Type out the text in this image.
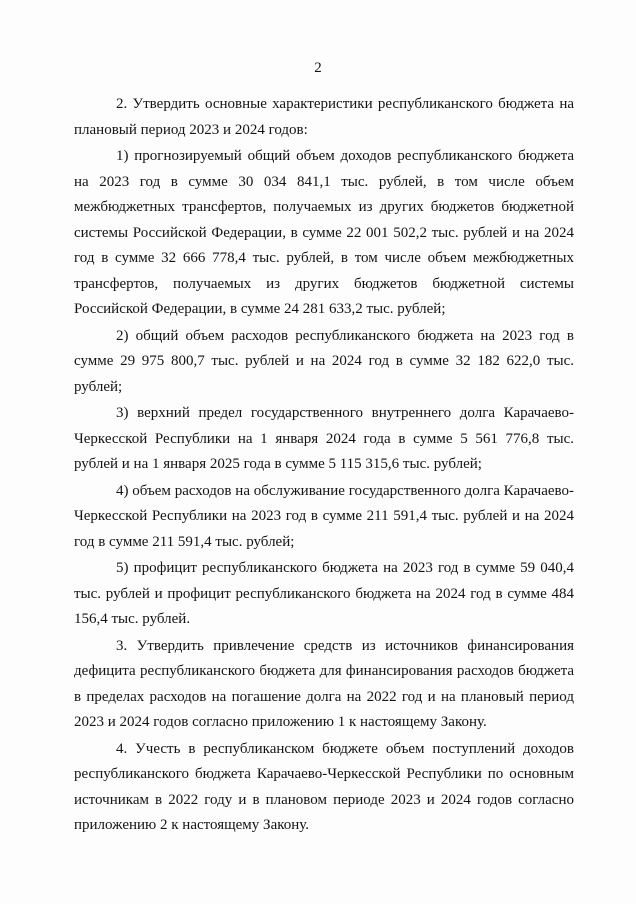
2

2. Утвердить основные характеристики республиканского бюджета на плановый период 2023 и 2024 годов:

1) прогнозируемый общий объем доходов республиканского бюджета на 2023 год в сумме 30 034 841,1 тыс. рублей, в том числе объем межбюджетных трансфертов, получаемых из других бюджетов бюджетной системы Российской Федерации, в сумме 22 001 502,2 тыс. рублей и на 2024 год в сумме 32 666 778,4 тыс. рублей, в том числе объем межбюджетных трансфертов, получаемых из других бюджетов бюджетной системы Российской Федерации, в сумме 24 281 633,2 тыс. рублей;

2) общий объем расходов республиканского бюджета на 2023 год в сумме 29 975 800,7 тыс. рублей и на 2024 год в сумме 32 182 622,0 тыс. рублей;

3) верхний предел государственного внутреннего долга Карачаево-Черкесской Республики на 1 января 2024 года в сумме 5 561 776,8 тыс. рублей и на 1 января 2025 года в сумме 5 115 315,6 тыс. рублей;

4) объем расходов на обслуживание государственного долга Карачаево-Черкесской Республики на 2023 год в сумме 211 591,4 тыс. рублей и на 2024 год в сумме 211 591,4 тыс. рублей;

5) профицит республиканского бюджета на 2023 год в сумме 59 040,4 тыс. рублей и профицит республиканского бюджета на 2024 год в сумме 484 156,4 тыс. рублей.

3. Утвердить привлечение средств из источников финансирования дефицита республиканского бюджета для финансирования расходов бюджета в пределах расходов на погашение долга на 2022 год и на плановый период 2023 и 2024 годов согласно приложению 1 к настоящему Закону.

4. Учесть в республиканском бюджете объем поступлений доходов республиканского бюджета Карачаево-Черкесской Республики по основным источникам в 2022 году и в плановом периоде 2023 и 2024 годов согласно приложению 2 к настоящему Закону.
